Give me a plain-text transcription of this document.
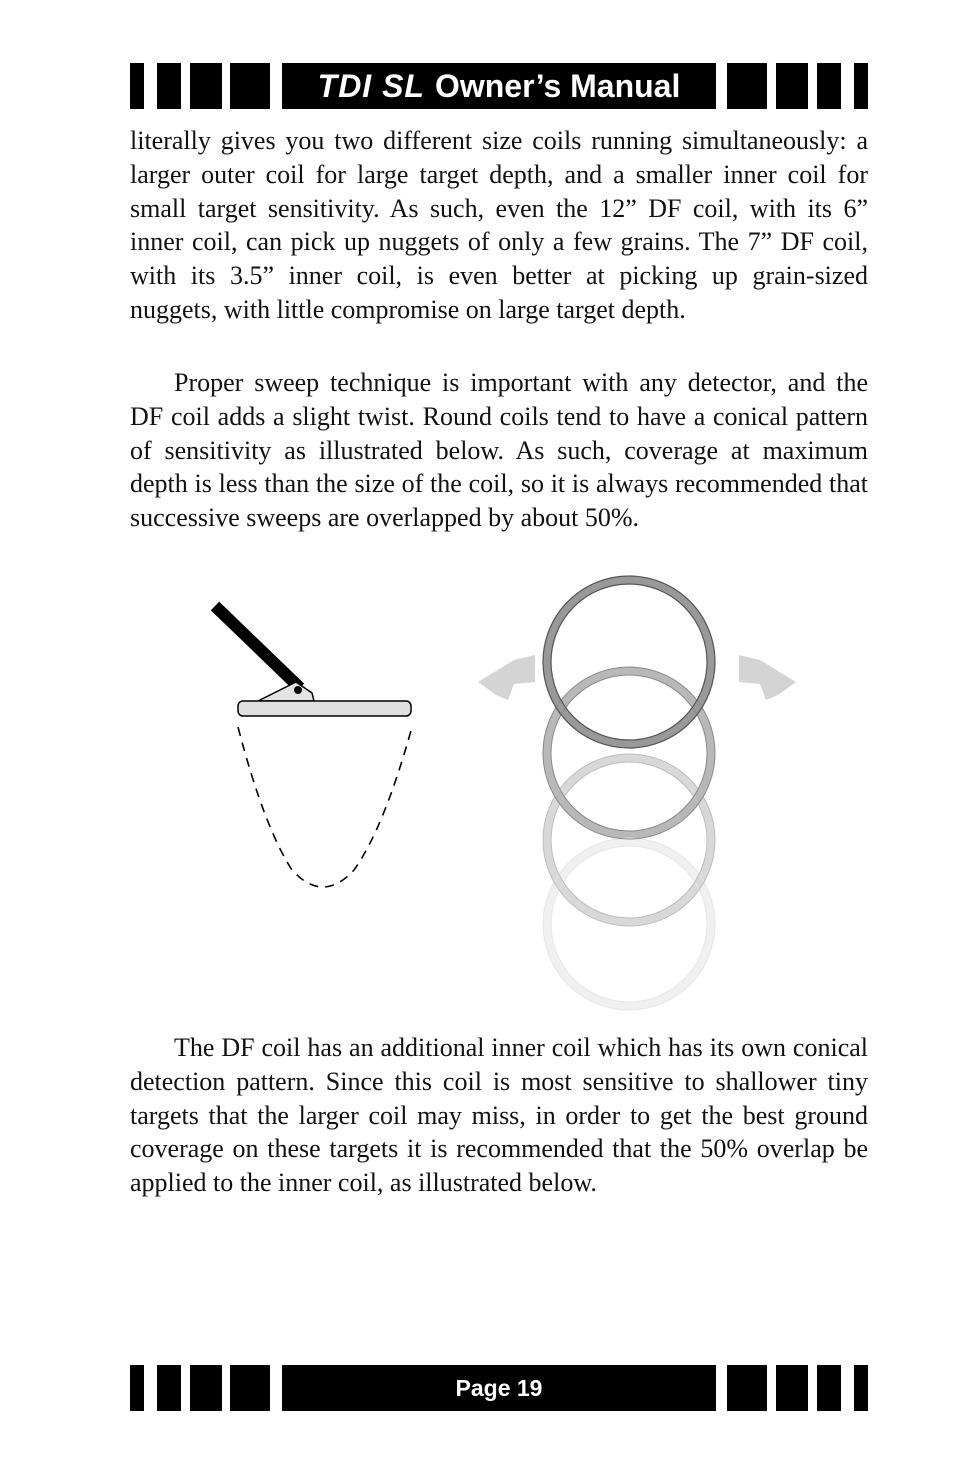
TDI SL Owner’s Manual

literally gives you two different size coils running simultaneously: a larger outer coil for large target depth, and a smaller inner coil for small target sensitivity. As such, even the 12” DF coil, with its 6” inner coil, can pick up nuggets of only a few grains. The 7” DF coil, with its 3.5” inner coil, is even better at picking up grain-sized nuggets, with little compromise on large target depth.

Proper sweep technique is important with any detector, and the DF coil adds a slight twist. Round coils tend to have a conical pattern of sensitivity as illustrated below. As such, coverage at maximum depth is less than the size of the coil, so it is always recommended that successive sweeps are overlapped by about 50%.

The DF coil has an additional inner coil which has its own conical detection pattern. Since this coil is most sensitive to shallower tiny targets that the larger coil may miss, in order to get the best ground coverage on these targets it is recommended that the 50% overlap be applied to the inner coil, as illustrated below.

Page 19
